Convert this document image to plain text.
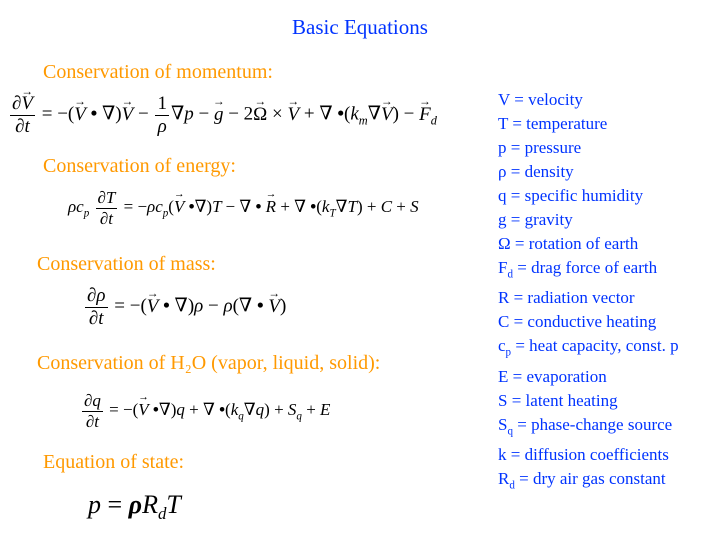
Basic Equations
Conservation of momentum:
$\frac{\partial\to V}{\partial t}$ = −(→ V • ∇)→ $V - \frac{1}{\rho} \nabla p$ − → g − 2→ Ω × → V + ∇ $•(k_m\nabla\to V)$ − → $F_d$
Conservation of energy:
$\rho c_p \frac{\partial T}{\partial t} = -\rho c_p(\to V$ •∇)T − ∇ • → R + ∇ $•(k_T\nabla T) + C + S$
Conservation of mass:
$\frac{\partial\rho}{\partial t}$ = −(→ V • ∇)ρ − ρ(∇ • → V)
Conservation of H₂O (vapor, liquid, solid):
$\frac{\partial q}{\partial t}$ = −(→ V •∇)q + ∇ $•(k_q\nabla q) + S_q + E$
Equation of state:
$p = \rho R_dT$
V = velocity
T = temperature
p = pressure
ρ = density
q = specific humidity
g = gravity
Ω = rotation of earth
$F_d$ = drag force of earth
R = radiation vector
C = conductive heating
$c_p$ = heat capacity, const. p
E = evaporation
S = latent heating
$S_q$ = phase-change source
k = diffusion coefficients
$R_d$ = dry air gas constant
